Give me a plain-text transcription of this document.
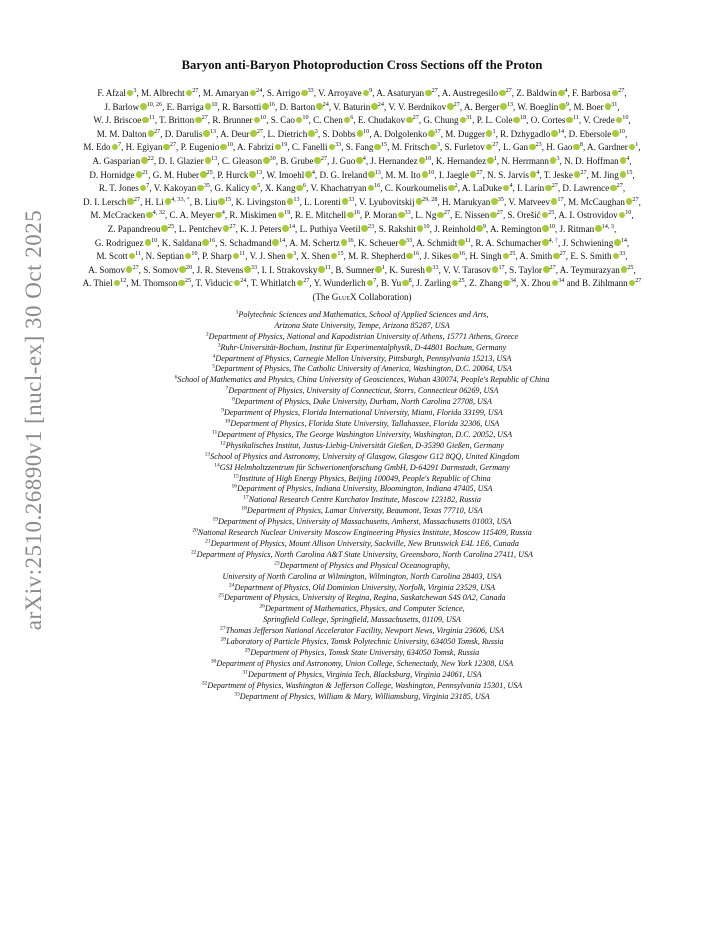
arXiv:2510.26890v1 [nucl-ex] 30 Oct 2025
Baryon anti-Baryon Photoproduction Cross Sections off the Proton
F. Afzal $^3$, M. Albrecht $^{27}$, M. Amaryan $^{24}$, S. Arrigo $^{33}$, V. Arroyave $^9$, A. Asaturyan $^{27}$, A. Austregesilo $^{27}$, Z. Baldwin $^4$, F. Barbosa $^{27}$, J. Barlow $^{10, 26}$, E. Barriga $^{10}$, R. Barsotti $^{16}$, D. Barton $^{24}$, V. Baturin $^{24}$, V. V. Berdnikov $^{27}$, A. Berger $^{13}$, W. Boeglin $^9$, M. Boer $^{31}$, W. J. Briscoe $^{11}$, T. Britton $^{27}$, R. Brunner $^{10}$, S. Cao $^{10}$, C. Chen $^6$, E. Chudakov $^{27}$, G. Chung $^{31}$, P. L. Cole $^{18}$, O. Cortes $^{11}$, V. Crede $^{10}$, M. M. Dalton $^{27}$, D. Darulis $^{13}$, A. Deur $^{27}$, L. Dietrich $^3$, S. Dobbs $^{10}$, A. Dolgolenko $^{17}$, M. Dugger $^1$, R. Dzhygadlo $^{14}$, D. Ebersole $^{10}$, M. Edo $^7$, H. Egiyan $^{27}$, P. Eugenio $^{10}$, A. Fabrizi $^{19}$, C. Fanelli $^{33}$, S. Fang $^{15}$, M. Fritsch $^3$, S. Furletov $^{27}$, L. Gan $^{23}$, H. Gao $^8$, A. Gardner $^1$, A. Gasparian $^{22}$, D. I. Glazier $^{13}$, C. Gleason $^{30}$, B. Grube $^{27}$, J. Guo $^4$, J. Hernandez $^{10}$, K. Hernandez $^1$, N. Herrmann $^3$, N. D. Hoffman $^4$, D. Hornidge $^{21}$, G. M. Huber $^{25}$, P. Hurck $^{13}$, W. Imoehl $^4$, D. G. Ireland $^{13}$, M. M. Ito $^{10}$, I. Jaegle $^{27}$, N. S. Jarvis $^4$, T. Jeske $^{27}$, M. Jing $^{15}$, R. T. Jones $^7$, V. Kakoyan $^{35}$, G. Kalicy $^5$, X. Kang $^6$, V. Khachatryan $^{16}$, C. Kourkoumelis $^2$, A. LaDuke $^4$, I. Larin $^{27}$, D. Lawrence $^{27}$, D. I. Lersch $^{27}$, H. Li $^{4, 33, *}$, B. Liu $^{15}$, K. Livingston $^{13}$, L. Lorenti $^{33}$, V. Lyubovitskij $^{29, 28}$, H. Marukyan $^{35}$, V. Matveev $^{17}$, M. McCaughan $^{27}$, M. McCracken $^{4, 32}$, C. A. Meyer $^4$, R. Miskimen $^{19}$, R. E. Mitchell $^{16}$, P. Moran $^{33}$, L. Ng $^{27}$, E. Nissen $^{27}$, S. Orešić $^{25}$, A. I. Ostrovidov $^{10}$, Z. Papandreou $^{25}$, L. Pentchev $^{27}$, K. J. Peters $^{14}$, L. Puthiya Veetil $^{23}$, S. Rakshit $^{10}$, J. Reinhold $^9$, A. Remington $^{10}$, J. Ritman $^{14, 3}$, G. Rodriguez $^{10}$, K. Saldana $^{16}$, S. Schadmand $^{14}$, A. M. Schertz $^{16}$, K. Scheuer $^{33}$, A. Schmidt $^{11}$, R. A. Schumacher $^{4, \dagger}$, J. Schwiening $^{14}$, M. Scott $^{11}$, N. Septian $^{10}$, P. Sharp $^{11}$, V. J. Shen $^3$, X. Shen $^{15}$, M. R. Shepherd $^{16}$, J. Sikes $^{16}$, H. Singh $^{25}$, A. Smith $^{27}$, E. S. Smith $^{33}$, A. Somov $^{27}$, S. Somov $^{20}$, J. R. Stevens $^{33}$, I. I. Strakovsky $^{11}$, B. Sumner $^1$, K. Suresh $^{33}$, V. V. Tarasov $^{17}$, S. Taylor $^{27}$, A. Teymurazyan $^{25}$, A. Thiel $^{12}$, M. Thomson $^{25}$, T. Viducic $^{24}$, T. Whitlatch $^{27}$, Y. Wunderlich $^7$, B. Yu $^8$, J. Zarling $^{25}$, Z. Zhang $^{34}$, X. Zhou $^{34}$ and B. Zihlmann $^{27}$
(The GlueX Collaboration)
$^1$Polytechnic Sciences and Mathematics, School of Applied Sciences and Arts,
Arizona State University, Tempe, Arizona 85287, USA
$^2$Department of Physics, National and Kapodistrian University of Athens, 15771 Athens, Greece
$^3$Ruhr-Universität-Bochum, Institut für Experimentalphysik, D-44801 Bochum, Germany
$^4$Department of Physics, Carnegie Mellon University, Pittsburgh, Pennsylvania 15213, USA
$^5$Department of Physics, The Catholic University of America, Washington, D.C. 20064, USA
$^6$School of Mathematics and Physics, China University of Geosciences, Wuhan 430074, People's Republic of China
$^7$Department of Physics, University of Connecticut, Storrs, Connecticut 06269, USA
$^8$Department of Physics, Duke University, Durham, North Carolina 27708, USA
$^9$Department of Physics, Florida International University, Miami, Florida 33199, USA
$^{10}$Department of Physics, Florida State University, Tallahassee, Florida 32306, USA
$^{11}$Department of Physics, The George Washington University, Washington, D.C. 20052, USA
$^{12}$Physikalisches Institut, Justus-Liebig-Universität Gießen, D-35390 Gießen, Germany
$^{13}$School of Physics and Astronomy, University of Glasgow, Glasgow G12 8QQ, United Kingdom
$^{14}$GSI Helmholtzzentrum für Schwerionenforschung GmbH, D-64291 Darmstadt, Germany
$^{15}$Institute of High Energy Physics, Beijing 100049, People's Republic of China
$^{16}$Department of Physics, Indiana University, Bloomington, Indiana 47405, USA
$^{17}$National Research Centre Kurchatov Institute, Moscow 123182, Russia
$^{18}$Department of Physics, Lamar University, Beaumont, Texas 77710, USA
$^{19}$Department of Physics, University of Massachusetts, Amherst, Massachusetts 01003, USA
$^{20}$National Research Nuclear University Moscow Engineering Physics Institute, Moscow 115409, Russia
$^{21}$Department of Physics, Mount Allison University, Sackville, New Brunswick E4L 1E6, Canada
$^{22}$Department of Physics, North Carolina A&T State University, Greensboro, North Carolina 27411, USA
$^{23}$Department of Physics and Physical Oceanography,
University of North Carolina at Wilmington, Wilmington, North Carolina 28403, USA
$^{24}$Department of Physics, Old Dominion University, Norfolk, Virginia 23529, USA
$^{25}$Department of Physics, University of Regina, Regina, Saskatchewan S4S 0A2, Canada
$^{26}$Department of Mathematics, Physics, and Computer Science,
Springfield College, Springfield, Massachusetts, 01109, USA
$^{27}$Thomas Jefferson National Accelerator Facility, Newport News, Virginia 23606, USA
$^{28}$Laboratory of Particle Physics, Tomsk Polytechnic University, 634050 Tomsk, Russia
$^{29}$Department of Physics, Tomsk State University, 634050 Tomsk, Russia
$^{30}$Department of Physics and Astronomy, Union College, Schenectady, New York 12308, USA
$^{31}$Department of Physics, Virginia Tech, Blacksburg, Virginia 24061, USA
$^{32}$Department of Physics, Washington & Jefferson College, Washington, Pennsylvania 15301, USA
$^{33}$Department of Physics, William & Mary, Williamsburg, Virginia 23185, USA
